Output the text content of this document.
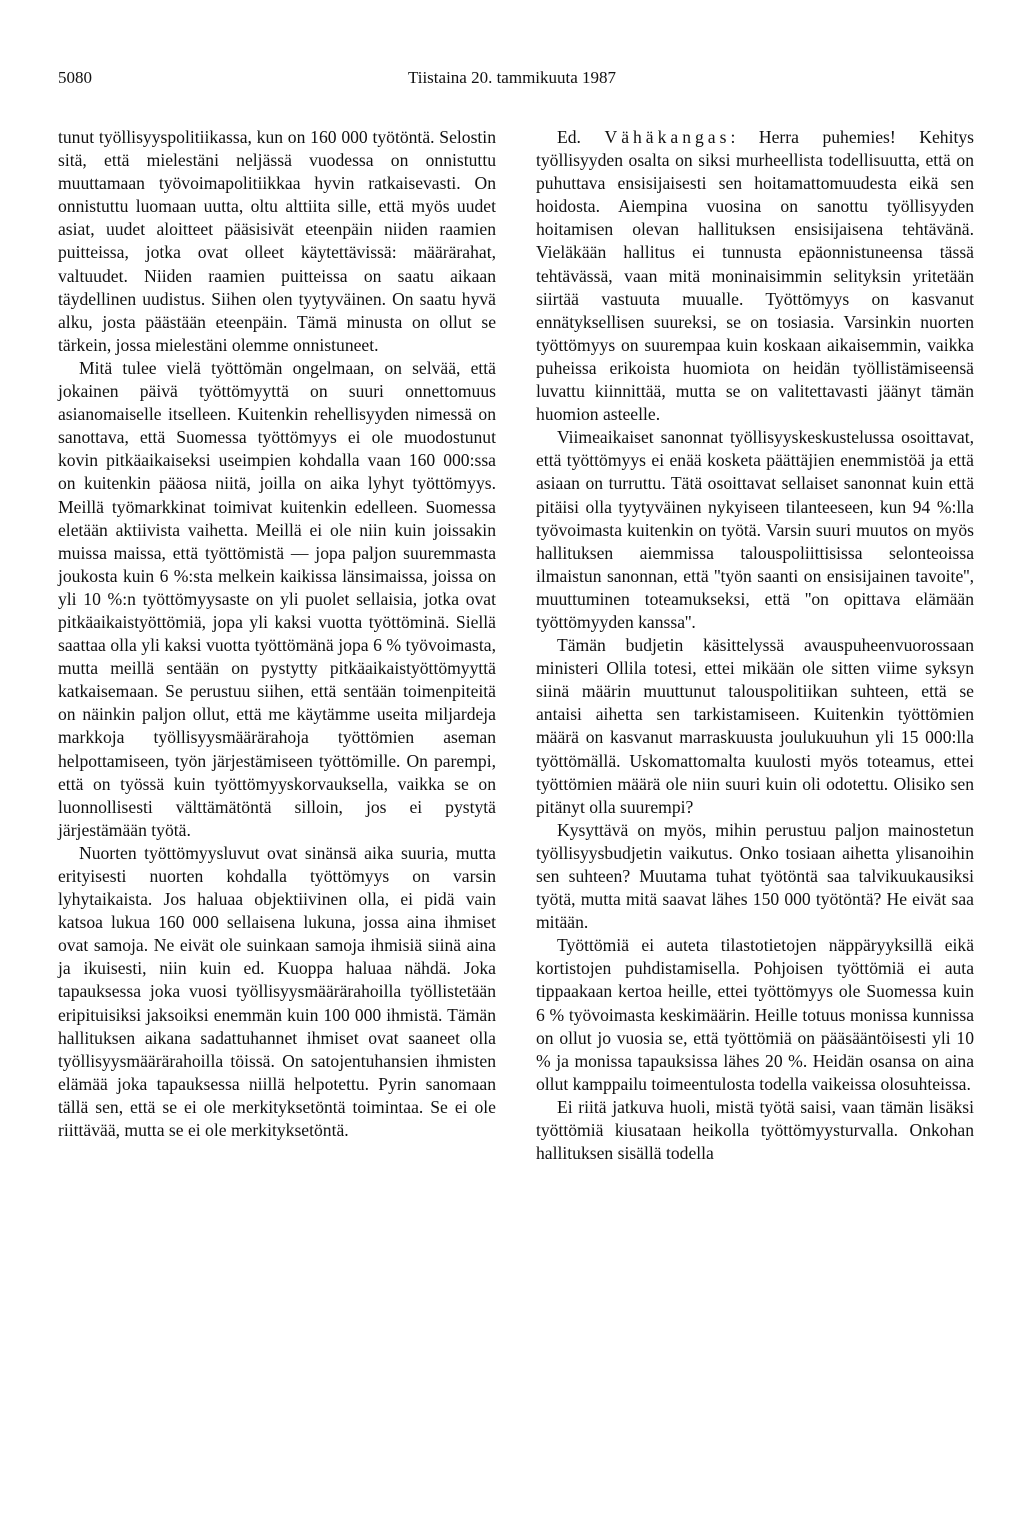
5080	Tiistaina 20. tammikuuta 1987

tunut työllisyyspolitiikassa, kun on 160 000 työtöntä. Selostin sitä, että mielestäni neljässä vuodessa on onnistuttu muuttamaan työvoimapolitiikkaa hyvin ratkaisevasti. On onnistuttu luomaan uutta, oltu alttiita sille, että myös uudet asiat, uudet aloitteet pääsisivät eteenpäin niiden raamien puitteissa, jotka ovat olleet käytettävissä: määrärahat, valtuudet. Niiden raamien puitteissa on saatu aikaan täydellinen uudistus. Siihen olen tyytyväinen. On saatu hyvä alku, josta päästään eteenpäin. Tämä minusta on ollut se tärkein, jossa mielestäni olemme onnistuneet.

Mitä tulee vielä työttömän ongelmaan, on selvää, että jokainen päivä työttömyyttä on suuri onnettomuus asianomaiselle itselleen. Kuitenkin rehellisyyden nimessä on sanottava, että Suomessa työttömyys ei ole muodostunut kovin pitkäaikaiseksi useimpien kohdalla vaan 160 000:ssa on kuitenkin pääosa niitä, joilla on aika lyhyt työttömyys. Meillä työmarkkinat toimivat kuitenkin edelleen. Suomessa eletään aktiivista vaihetta. Meillä ei ole niin kuin joissakin muissa maissa, että työttömistä — jopa paljon suuremmasta joukosta kuin 6 %:sta melkein kaikissa länsimaissa, joissa on yli 10 %:n työttömyysaste on yli puolet sellaisia, jotka ovat pitkäaikaistyöttömiä, jopa yli kaksi vuotta työttöminä. Siellä saattaa olla yli kaksi vuotta työttömänä jopa 6 % työvoimasta, mutta meillä sentään on pystytty pitkäaikaistyöttömyyttä katkaisemaan. Se perustuu siihen, että sentään toimenpiteitä on näinkin paljon ollut, että me käytämme useita miljardeja markkoja työllisyysmäärärahoja työttömien aseman helpottamiseen, työn järjestämiseen työttömille. On parempi, että on työssä kuin työttömyyskorvauksella, vaikka se on luonnollisesti välttämätöntä silloin, jos ei pystytä järjestämään työtä.

Nuorten työttömyysluvut ovat sinänsä aika suuria, mutta erityisesti nuorten kohdalla työttömyys on varsin lyhytaikaista. Jos haluaa objektiivinen olla, ei pidä vain katsoa lukua 160 000 sellaisena lukuna, jossa aina ihmiset ovat samoja. Ne eivät ole suinkaan samoja ihmisiä siinä aina ja ikuisesti, niin kuin ed. Kuoppa haluaa nähdä. Joka tapauksessa joka vuosi työllisyysmäärärahoilla työllistetään eripituisiksi jaksoiksi enemmän kuin 100 000 ihmistä. Tämän hallituksen aikana sadattuhannet ihmiset ovat saaneet olla työllisyysmäärärahoilla töissä. On satojentuhansien ihmisten elämää joka tapauksessa niillä helpotettu. Pyrin sanomaan tällä sen, että se ei ole merkityksetöntä toimintaa. Se ei ole riittävää, mutta se ei ole merkityksetöntä.

Ed. Vähäkangas: Herra puhemies! Kehitys työllisyyden osalta on siksi murheellista todellisuutta, että on puhuttava ensisijaisesti sen hoitamattomuudesta eikä sen hoidosta. Aiempina vuosina on sanottu työllisyyden hoitamisen olevan hallituksen ensisijaisena tehtävänä. Vieläkään hallitus ei tunnusta epäonnistuneensa tässä tehtävässä, vaan mitä moninaisimmin selityksin yritetään siirtää vastuuta muualle. Työttömyys on kasvanut ennätyksellisen suureksi, se on tosiasia. Varsinkin nuorten työttömyys on suurempaa kuin koskaan aikaisemmin, vaikka puheissa erikoista huomiota on heidän työllistämiseensä luvattu kiinnittää, mutta se on valitettavasti jäänyt tämän huomion asteelle.

Viimeaikaiset sanonnat työllisyyskeskustelussa osoittavat, että työttömyys ei enää kosketa päättäjien enemmistöä ja että asiaan on turruttu. Tätä osoittavat sellaiset sanonnat kuin että pitäisi olla tyytyväinen nykyiseen tilanteeseen, kun 94 %:lla työvoimasta kuitenkin on työtä. Varsin suuri muutos on myös hallituksen aiemmissa talouspoliittisissa selonteoissa ilmaistun sanonnan, että ''työn saanti on ensisijainen tavoite'', muuttuminen toteamukseksi, että ''on opittava elämään työttömyyden kanssa''.

Tämän budjetin käsittelyssä avauspuheenvuorossaan ministeri Ollila totesi, ettei mikään ole sitten viime syksyn siinä määrin muuttunut talouspolitiikan suhteen, että se antaisi aihetta sen tarkistamiseen. Kuitenkin työttömien määrä on kasvanut marraskuusta joulukuuhun yli 15 000:lla työttömällä. Uskomattomalta kuulosti myös toteamus, ettei työttömien määrä ole niin suuri kuin oli odotettu. Olisiko sen pitänyt olla suurempi?

Kysyttävä on myös, mihin perustuu paljon mainostetun työllisyysbudjetin vaikutus. Onko tosiaan aihetta ylisanoihin sen suhteen? Muutama tuhat työtöntä saa talvikuukausiksi työtä, mutta mitä saavat lähes 150 000 työtöntä? He eivät saa mitään.

Työttömiä ei auteta tilastotietojen näppäryyksillä eikä kortistojen puhdistamisella. Pohjoisen työttömiä ei auta tippaakaan kertoa heille, ettei työttömyys ole Suomessa kuin 6 % työvoimasta keskimäärin. Heille totuus monissa kunnissa on ollut jo vuosia se, että työttömiä on pääsääntöisesti yli 10 % ja monissa tapauksissa lähes 20 %. Heidän osansa on aina ollut kamppailu toimeentulosta todella vaikeissa olosuhteissa.

Ei riitä jatkuva huoli, mistä työtä saisi, vaan tämän lisäksi työttömiä kiusataan heikolla työttömyysturvalla. Onkohan hallituksen sisällä todella
